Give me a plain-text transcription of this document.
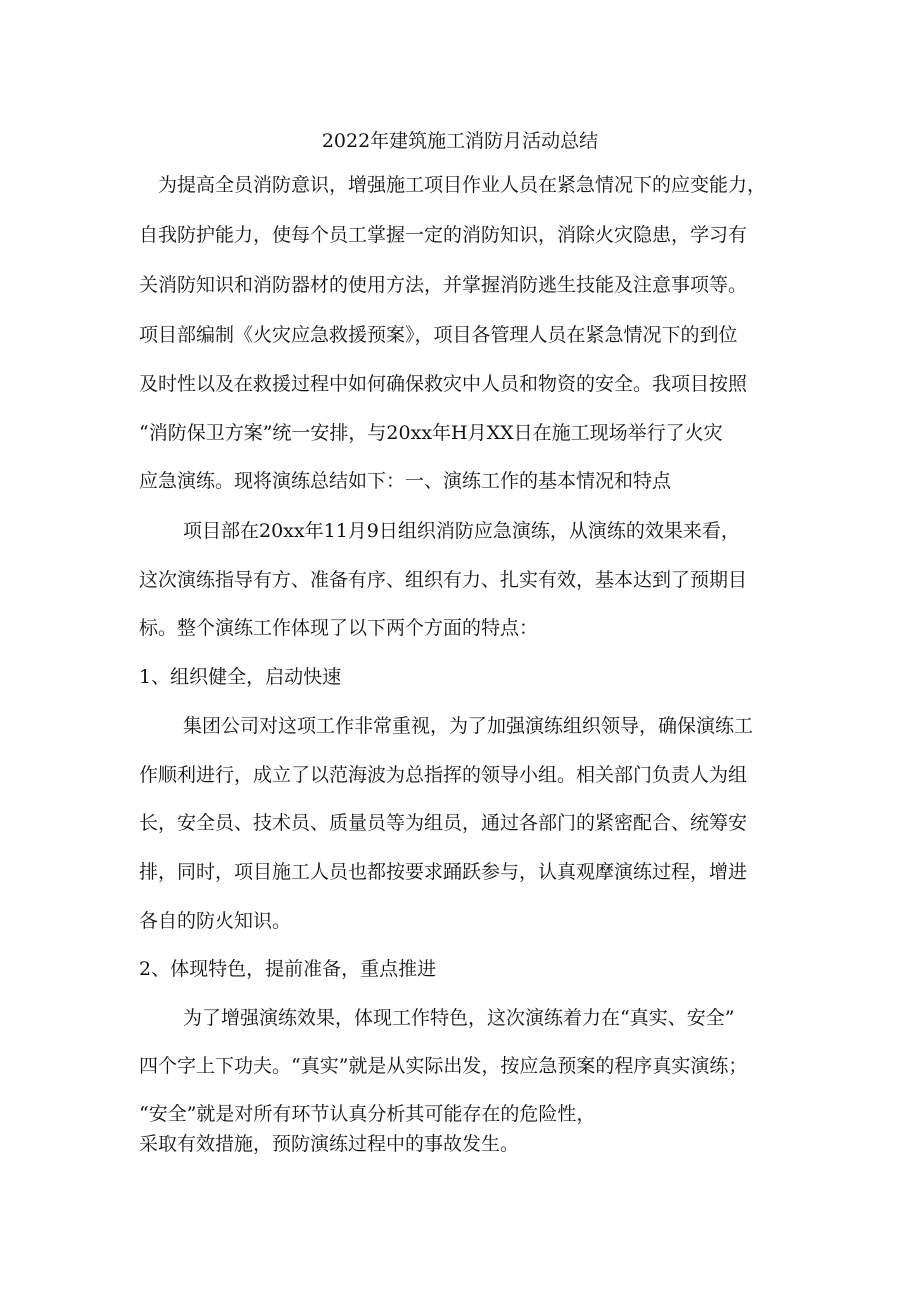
2022年建筑施工消防月活动总结
为提高全员消防意识，增强施工项目作业人员在紧急情况下的应变能力，
自我防护能力，使每个员工掌握一定的消防知识，消除火灾隐患，学习有
关消防知识和消防器材的使用方法，并掌握消防逃生技能及注意事项等。
项目部编制《火灾应急救援预案》，项目各管理人员在紧急情况下的到位
及时性以及在救援过程中如何确保救灾中人员和物资的安全。我项目按照
“消防保卫方案”统一安排，与20xx年H月XX日在施工现场举行了火灾
应急演练。现将演练总结如下：一、演练工作的基本情况和特点
项目部在20xx年11月9日组织消防应急演练，从演练的效果来看，
这次演练指导有方、准备有序、组织有力、扎实有效，基本达到了预期目
标。整个演练工作体现了以下两个方面的特点：
1、组织健全，启动快速
集团公司对这项工作非常重视，为了加强演练组织领导，确保演练工
作顺利进行，成立了以范海波为总指挥的领导小组。相关部门负责人为组
长，安全员、技术员、质量员等为组员，通过各部门的紧密配合、统筹安
排，同时，项目施工人员也都按要求踊跃参与，认真观摩演练过程，增进
各自的防火知识。
2、体现特色，提前准备，重点推进
为了增强演练效果，体现工作特色，这次演练着力在“真实、安全”
四个字上下功夫。“真实”就是从实际出发，按应急预案的程序真实演练；
“安全”就是对所有环节认真分析其可能存在的危险性，
采取有效措施，预防演练过程中的事故发生。
